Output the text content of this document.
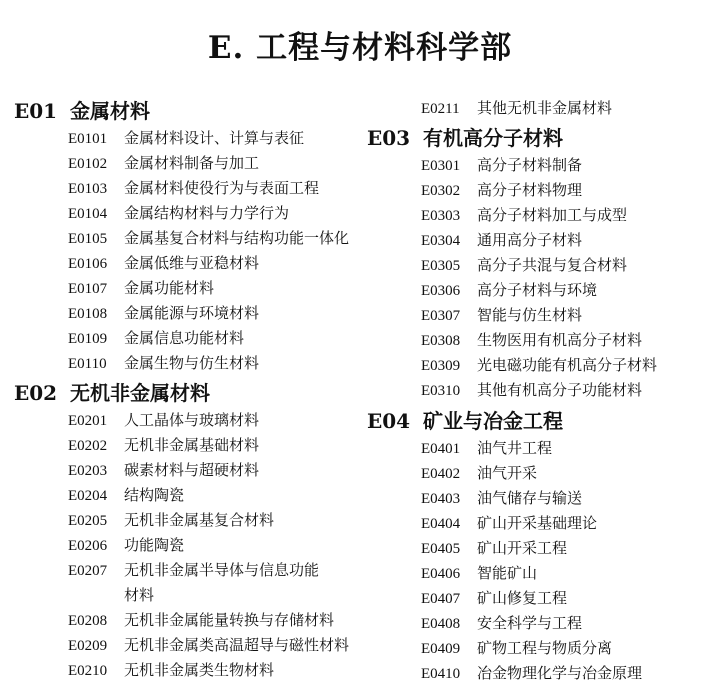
E. 工程与材料科学部
E01 金属材料
E0101 金属材料设计、计算与表征
E0102 金属材料制备与加工
E0103 金属材料使役行为与表面工程
E0104 金属结构材料与力学行为
E0105 金属基复合材料与结构功能一体化
E0106 金属低维与亚稳材料
E0107 金属功能材料
E0108 金属能源与环境材料
E0109 金属信息功能材料
E0110 金属生物与仿生材料
E02 无机非金属材料
E0201 人工晶体与玻璃材料
E0202 无机非金属基础材料
E0203 碳素材料与超硬材料
E0204 结构陶瓷
E0205 无机非金属基复合材料
E0206 功能陶瓷
E0207 无机非金属半导体与信息功能
材料
E0208 无机非金属能量转换与存储材料
E0209 无机非金属类高温超导与磁性材料
E0210 无机非金属类生物材料
E0211 其他无机非金属材料
E03 有机高分子材料
E0301 高分子材料制备
E0302 高分子材料物理
E0303 高分子材料加工与成型
E0304 通用高分子材料
E0305 高分子共混与复合材料
E0306 高分子材料与环境
E0307 智能与仿生材料
E0308 生物医用有机高分子材料
E0309 光电磁功能有机高分子材料
E0310 其他有机高分子功能材料
E04 矿业与冶金工程
E0401 油气井工程
E0402 油气开采
E0403 油气储存与输送
E0404 矿山开采基础理论
E0405 矿山开采工程
E0406 智能矿山
E0407 矿山修复工程
E0408 安全科学与工程
E0409 矿物工程与物质分离
E0410 冶金物理化学与冶金原理
